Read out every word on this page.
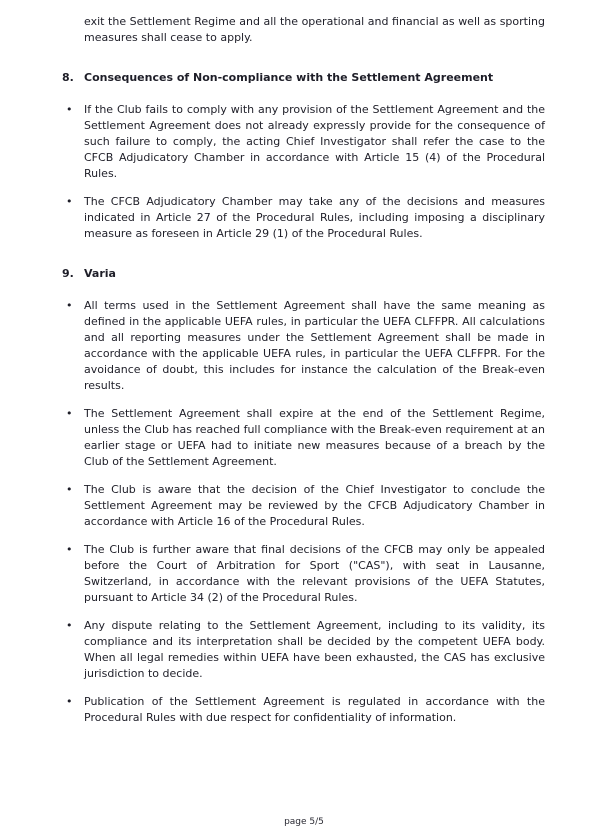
exit the Settlement Regime and all the operational and financial as well as sporting measures shall cease to apply.

8. Consequences of Non-compliance with the Settlement Agreement
•	If the Club fails to comply with any provision of the Settlement Agreement and the Settlement Agreement does not already expressly provide for the consequence of such failure to comply, the acting Chief Investigator shall refer the case to the CFCB Adjudicatory Chamber in accordance with Article 15 (4) of the Procedural Rules.
•	The CFCB Adjudicatory Chamber may take any of the decisions and measures indicated in Article 27 of the Procedural Rules, including imposing a disciplinary measure as foreseen in Article 29 (1) of the Procedural Rules.
9. Varia
•	All terms used in the Settlement Agreement shall have the same meaning as defined in the applicable UEFA rules, in particular the UEFA CLFFPR. All calculations and all reporting measures under the Settlement Agreement shall be made in accordance with the applicable UEFA rules, in particular the UEFA CLFFPR. For the avoidance of doubt, this includes for instance the calculation of the Break-even results.
•	The Settlement Agreement shall expire at the end of the Settlement Regime, unless the Club has reached full compliance with the Break-even requirement at an earlier stage or UEFA had to initiate new measures because of a breach by the Club of the Settlement Agreement.
•	The Club is aware that the decision of the Chief Investigator to conclude the Settlement Agreement may be reviewed by the CFCB Adjudicatory Chamber in accordance with Article 16 of the Procedural Rules.
•	The Club is further aware that final decisions of the CFCB may only be appealed before the Court of Arbitration for Sport ("CAS"), with seat in Lausanne, Switzerland, in accordance with the relevant provisions of the UEFA Statutes, pursuant to Article 34 (2) of the Procedural Rules.
•	Any dispute relating to the Settlement Agreement, including to its validity, its compliance and its interpretation shall be decided by the competent UEFA body. When all legal remedies within UEFA have been exhausted, the CAS has exclusive jurisdiction to decide.
•	Publication of the Settlement Agreement is regulated in accordance with the Procedural Rules with due respect for confidentiality of information.
page 5/5
